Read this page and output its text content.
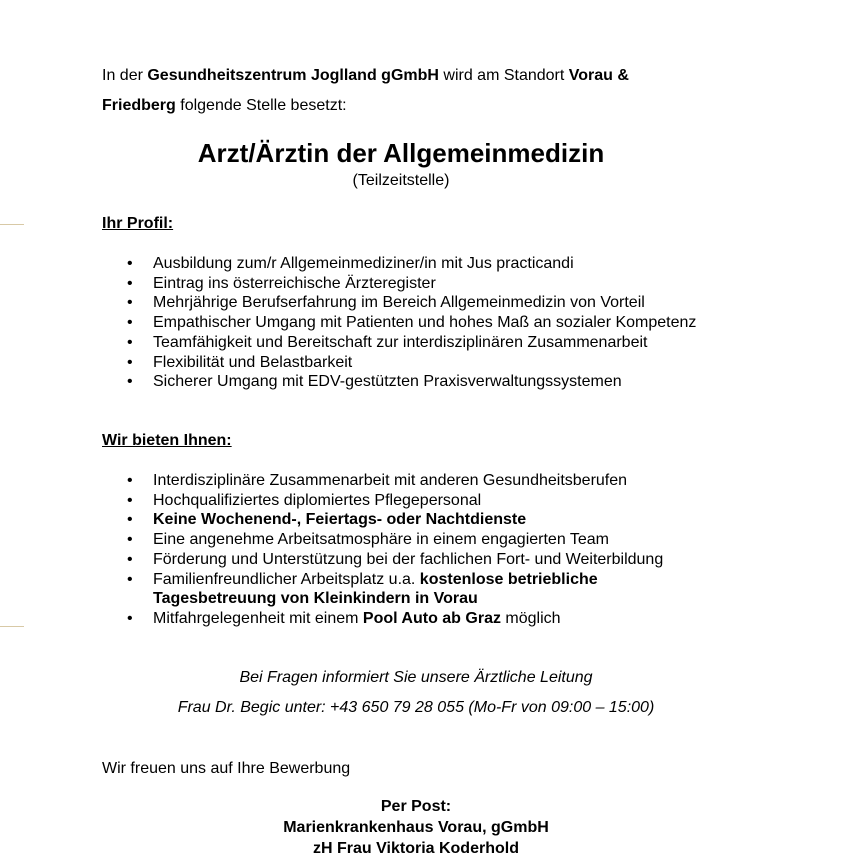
In der Gesundheitszentrum Joglland gGmbH wird am Standort Vorau &
Friedberg folgende Stelle besetzt:
Arzt/Ärztin der Allgemeinmedizin
(Teilzeitstelle)
Ihr Profil:
• Ausbildung zum/r Allgemeinmediziner/in mit Jus practicandi
• Eintrag ins österreichische Ärzteregister
• Mehrjährige Berufserfahrung im Bereich Allgemeinmedizin von Vorteil
• Empathischer Umgang mit Patienten und hohes Maß an sozialer Kompetenz
• Teamfähigkeit und Bereitschaft zur interdisziplinären Zusammenarbeit
• Flexibilität und Belastbarkeit
• Sicherer Umgang mit EDV-gestützten Praxisverwaltungssystemen
Wir bieten Ihnen:
• Interdisziplinäre Zusammenarbeit mit anderen Gesundheitsberufen
• Hochqualifiziertes diplomiertes Pflegepersonal
• Keine Wochenend-, Feiertags- oder Nachtdienste
• Eine angenehme Arbeitsatmosphäre in einem engagierten Team
• Förderung und Unterstützung bei der fachlichen Fort- und Weiterbildung
• Familienfreundlicher Arbeitsplatz u.a. kostenlose betriebliche Tagesbetreuung von Kleinkindern in Vorau
• Mitfahrgelegenheit mit einem Pool Auto ab Graz möglich
Bei Fragen informiert Sie unsere Ärztliche Leitung
Frau Dr. Begic unter: +43 650 79 28 055 (Mo-Fr von 09:00 – 15:00)
Wir freuen uns auf Ihre Bewerbung
Per Post:
Marienkrankenhaus Vorau, gGmbH
zH Frau Viktoria Koderhold
